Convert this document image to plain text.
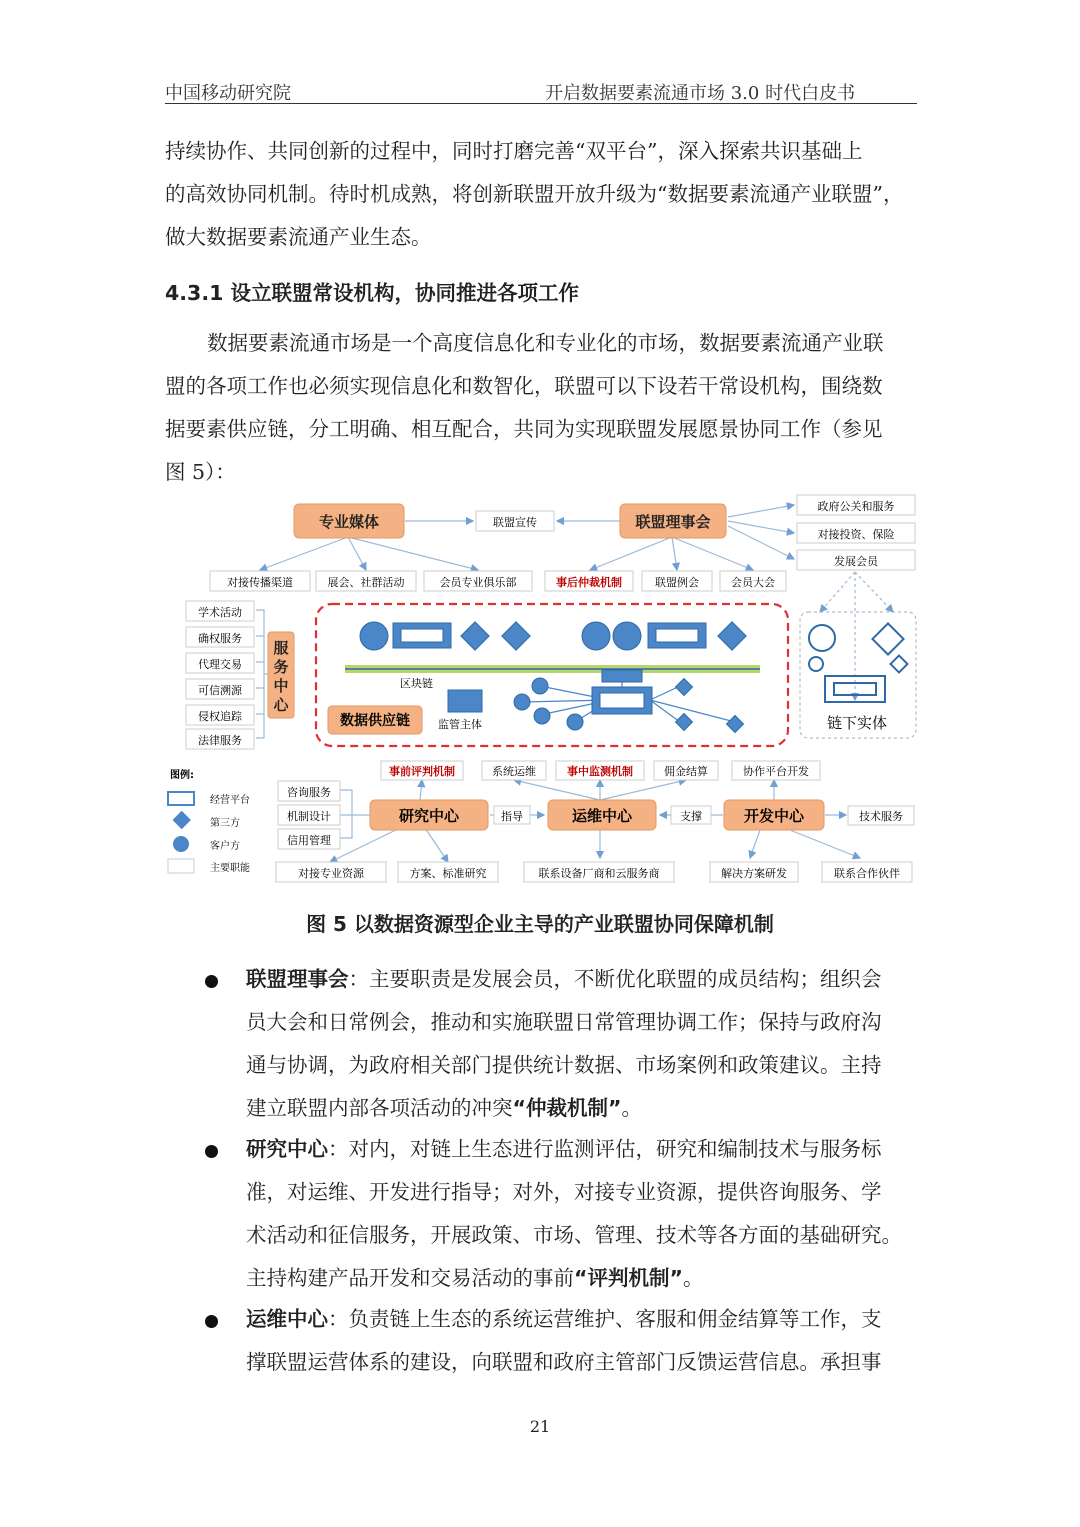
中国移动研究院	开启数据要素流通市场 3.0 时代白皮书
持续协作、共同创新的过程中，同时打磨完善“双平台”，深入探索共识基础上
的高效协同机制。待时机成熟，将创新联盟开放升级为“数据要素流通产业联盟”，
做大数据要素流通产业生态。
4.3.1 设立联盟常设机构，协同推进各项工作
数据要素流通市场是一个高度信息化和专业化的市场，数据要素流通产业联
盟的各项工作也必须实现信息化和数智化，联盟可以下设若干常设机构，围绕数
据要素供应链，分工明确、相互配合，共同为实现联盟发展愿景协同工作（参见
图 5）：
专业媒体	联盟理事会
联盟宣传
政府公关和服务
对接投资、保险
发展会员
对接传播渠道	展会、社群活动	会员专业俱乐部	事后仲裁机制	联盟例会	会员大会
学术活动
确权服务
代理交易
可信溯源
侵权追踪
法律服务
服务中心
区块链
监管主体
数据供应链	链下实体
图例:
经营平台
第三方
客户方
主要职能
咨询服务
机制设计
信用管理
研究中心
事前评判机制
对接专业资源	方案、标准研究
指导	运维中心
系统运维	事中监测机制	佣金结算
联系设备厂商和云服务商
支撑	开发中心
协作平台开发
技术服务
解决方案研发	联系合作伙伴
图 5 以数据资源型企业主导的产业联盟协同保障机制
联盟理事会：主要职责是发展会员，不断优化联盟的成员结构；组织会
员大会和日常例会，推动和实施联盟日常管理协调工作；保持与政府沟
通与协调，为政府相关部门提供统计数据、市场案例和政策建议。主持
建立联盟内部各项活动的冲突“仲裁机制”。
研究中心：对内，对链上生态进行监测评估，研究和编制技术与服务标
准，对运维、开发进行指导；对外，对接专业资源，提供咨询服务、学
术活动和征信服务，开展政策、市场、管理、技术等各方面的基础研究。
主持构建产品开发和交易活动的事前“评判机制”。
运维中心：负责链上生态的系统运营维护、客服和佣金结算等工作，支
撑联盟运营体系的建设，向联盟和政府主管部门反馈运营信息。承担事
21
